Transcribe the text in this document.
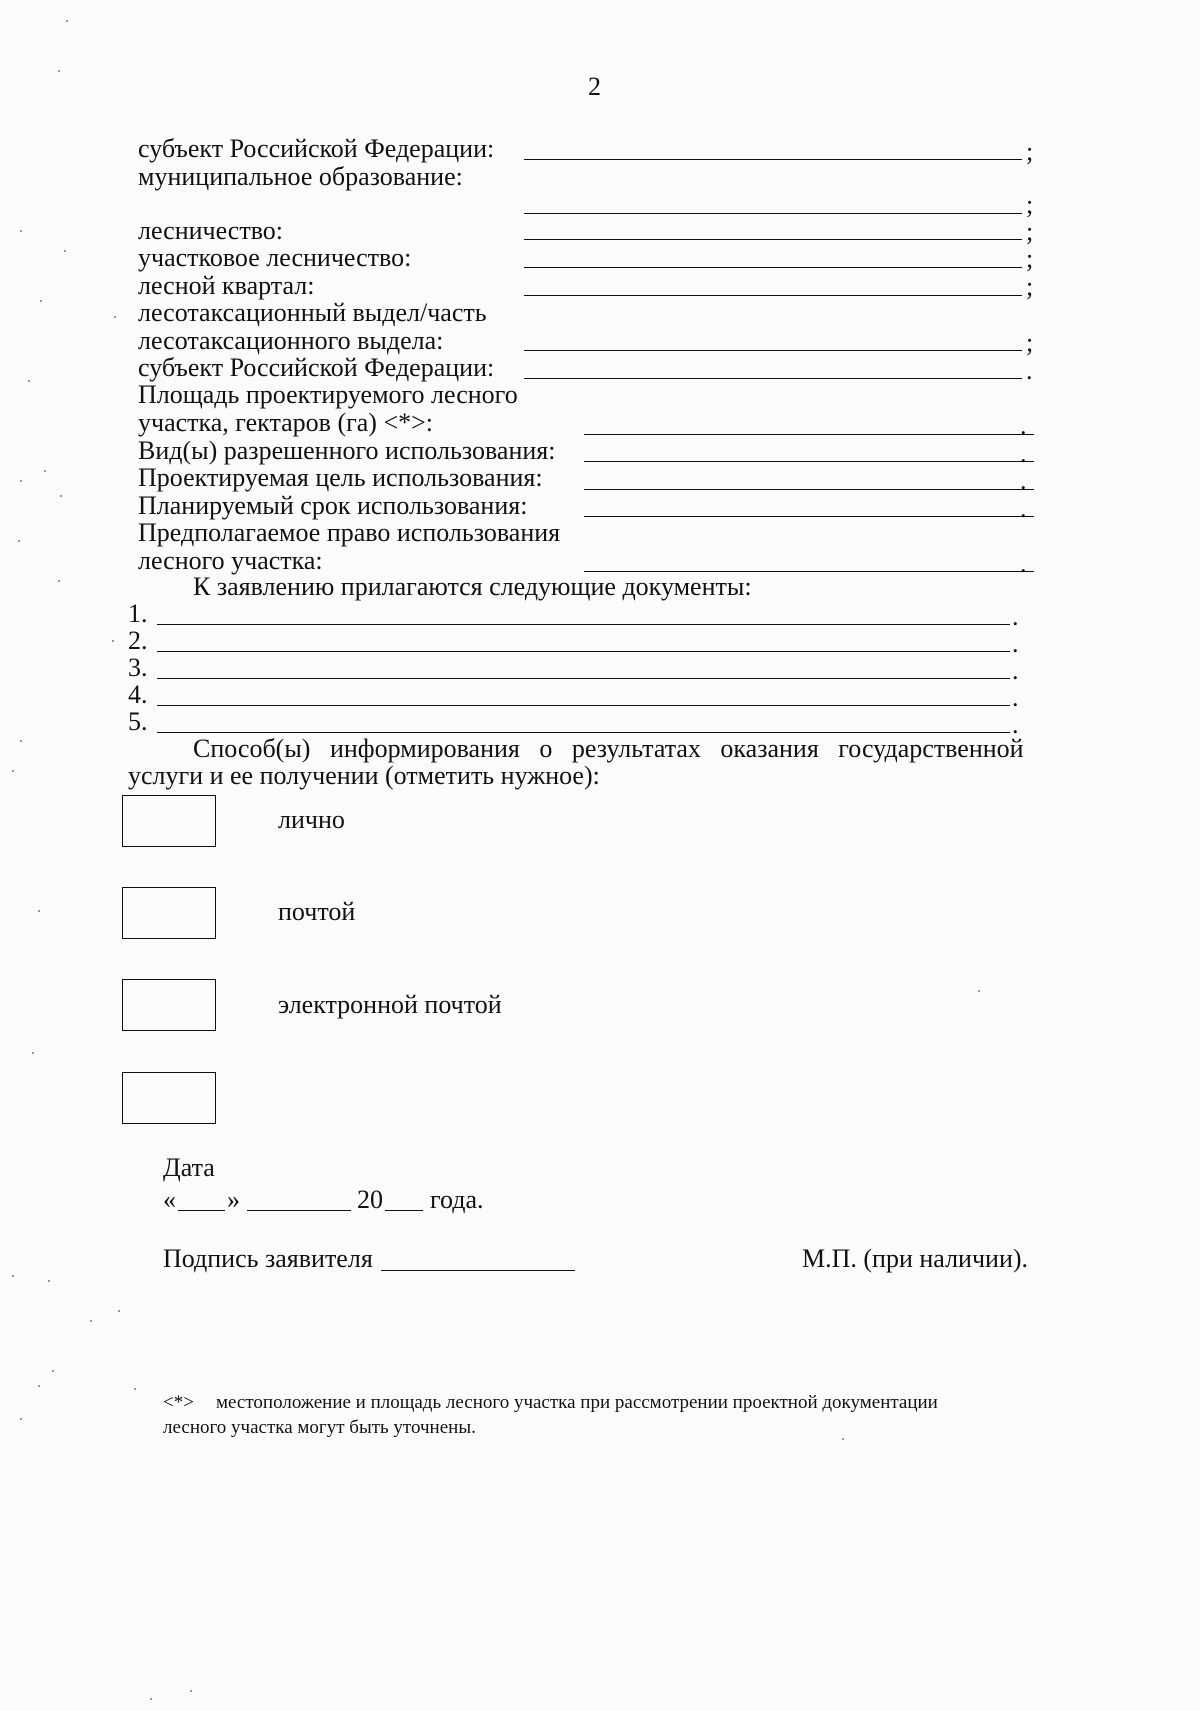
2
субъект Российской Федерации:	;
муниципальное образование:
;
лесничество:	;
участковое лесничество:	;
лесной квартал:	;
лесотаксационный выдел/часть
лесотаксационного выдела:	;
субъект Российской Федерации:	.
Площадь проектируемого лесного
участка, гектаров (га) <*>:	.
Вид(ы) разрешенного использования:	.
Проектируемая цель использования:	.
Планируемый срок использования:	.
Предполагаемое право использования
лесного участка:	.
К заявлению прилагаются следующие документы:
1.	.
2.	.
3.	.
4.	.
5.	.
Способ(ы)   информирования   о   результатах   оказания   государственной
услуги и ее получении (отметить нужное):
лично
почтой
электронной почтой
Дата
« »	20 года.
Подпись заявителя	М.П. (при наличии).
<*> местоположение и площадь лесного участка при рассмотрении проектной документации
лесного участка могут быть уточнены.
